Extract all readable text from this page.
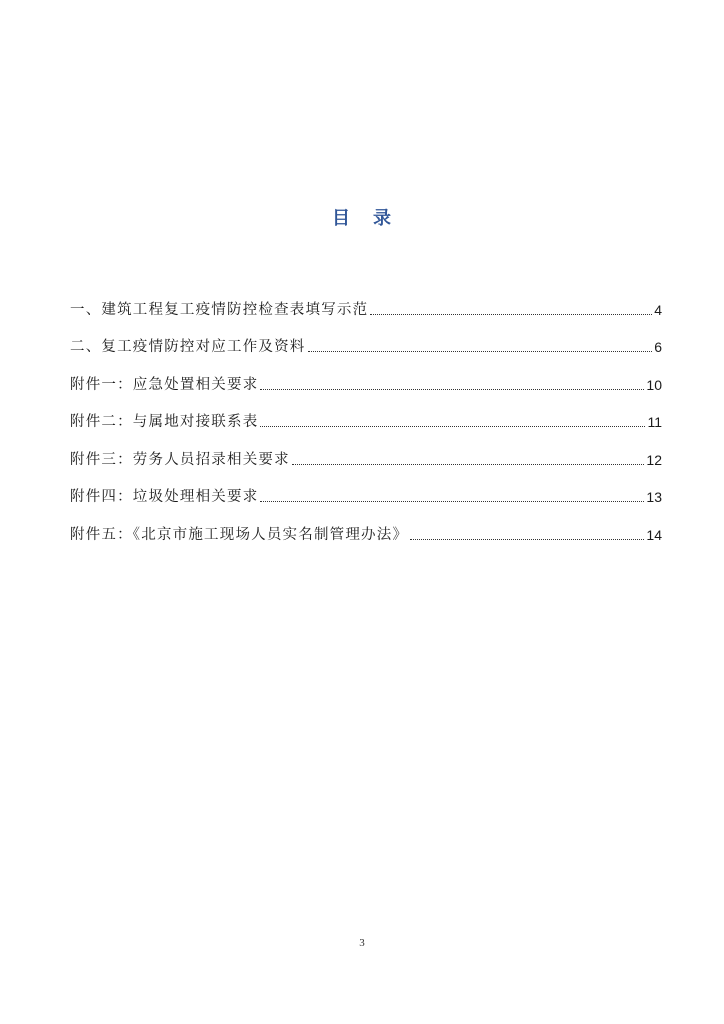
目 录
一、建筑工程复工疫情防控检查表填写示范	4
二、复工疫情防控对应工作及资料	6
附件一：应急处置相关要求	10
附件二：与属地对接联系表	11
附件三：劳务人员招录相关要求	12
附件四：垃圾处理相关要求	13
附件五：《北京市施工现场人员实名制管理办法》	14
3
